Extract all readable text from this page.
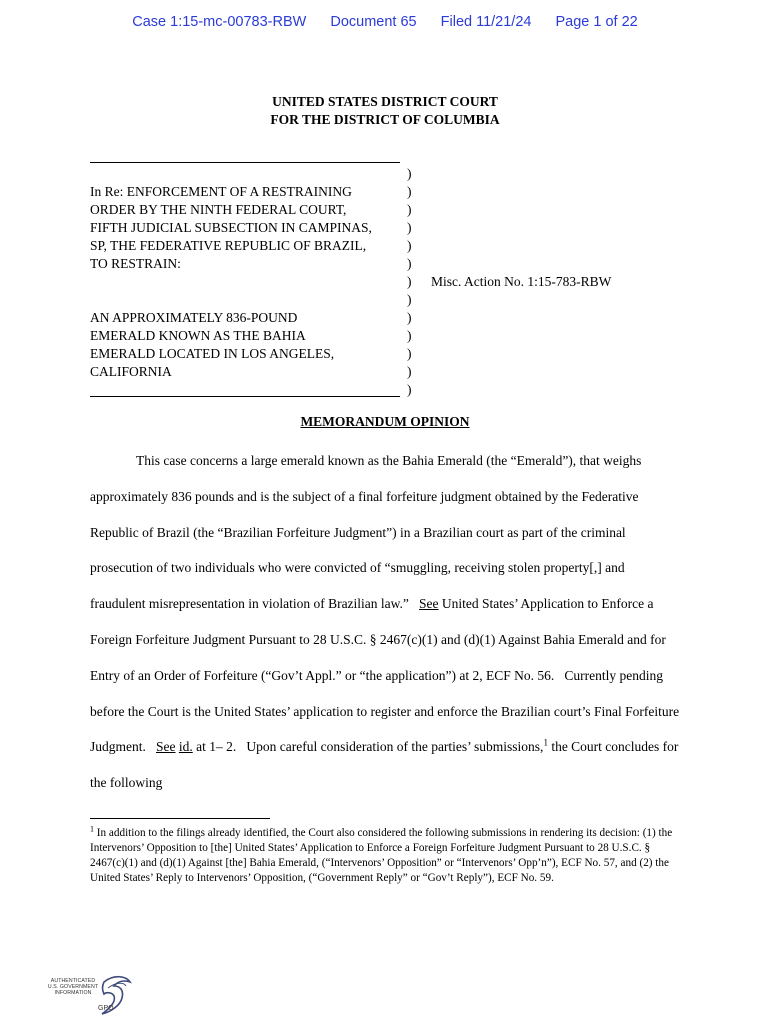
Case 1:15-mc-00783-RBW Document 65 Filed 11/21/24 Page 1 of 22
UNITED STATES DISTRICT COURT
FOR THE DISTRICT OF COLUMBIA
In Re: ENFORCEMENT OF A RESTRAINING
ORDER BY THE NINTH FEDERAL COURT,
FIFTH JUDICIAL SUBSECTION IN CAMPINAS,
SP, THE FEDERATIVE REPUBLIC OF BRAZIL,
TO RESTRAIN:
AN APPROXIMATELY 836-POUND
EMERALD KNOWN AS THE BAHIA
EMERALD LOCATED IN LOS ANGELES,
CALIFORNIA
)
)
)
)
)
)
)
)
)
)
)
)
)
Misc. Action No. 1:15-783-RBW
MEMORANDUM OPINION

This case concerns a large emerald known as the Bahia Emerald (the “Emerald”), that weighs approximately 836 pounds and is the subject of a final forfeiture judgment obtained by the Federative Republic of Brazil (the “Brazilian Forfeiture Judgment”) in a Brazilian court as part of the criminal prosecution of two individuals who were convicted of “smuggling, receiving stolen property[,] and fraudulent misrepresentation in violation of Brazilian law.”  See United States’ Application to Enforce a Foreign Forfeiture Judgment Pursuant to 28 U.S.C. § 2467(c)(1) and (d)(1) Against Bahia Emerald and for Entry of an Order of Forfeiture (“Gov’t Appl.” or “the application”) at 2, ECF No. 56.  Currently pending before the Court is the United States’ application to register and enforce the Brazilian court’s Final Forfeiture Judgment.  See id. at 1– 2.  Upon careful consideration of the parties’ submissions,$^1$ the Court concludes for the following

$^1$ In addition to the filings already identified, the Court also considered the following submissions in rendering its decision: (1) the Intervenors’ Opposition to [the] United States’ Application to Enforce a Foreign Forfeiture Judgment Pursuant to 28 U.S.C. § 2467(c)(1) and (d)(1) Against [the] Bahia Emerald, (“Intervenors’ Opposition” or “Intervenors’ Opp’n”), ECF No. 57, and (2) the United States’ Reply to Intervenors’ Opposition, (“Government Reply” or “Gov’t Reply”), ECF No. 59.
AUTHENTICATED
U.S. GOVERNMENT
INFORMATION
GPO
